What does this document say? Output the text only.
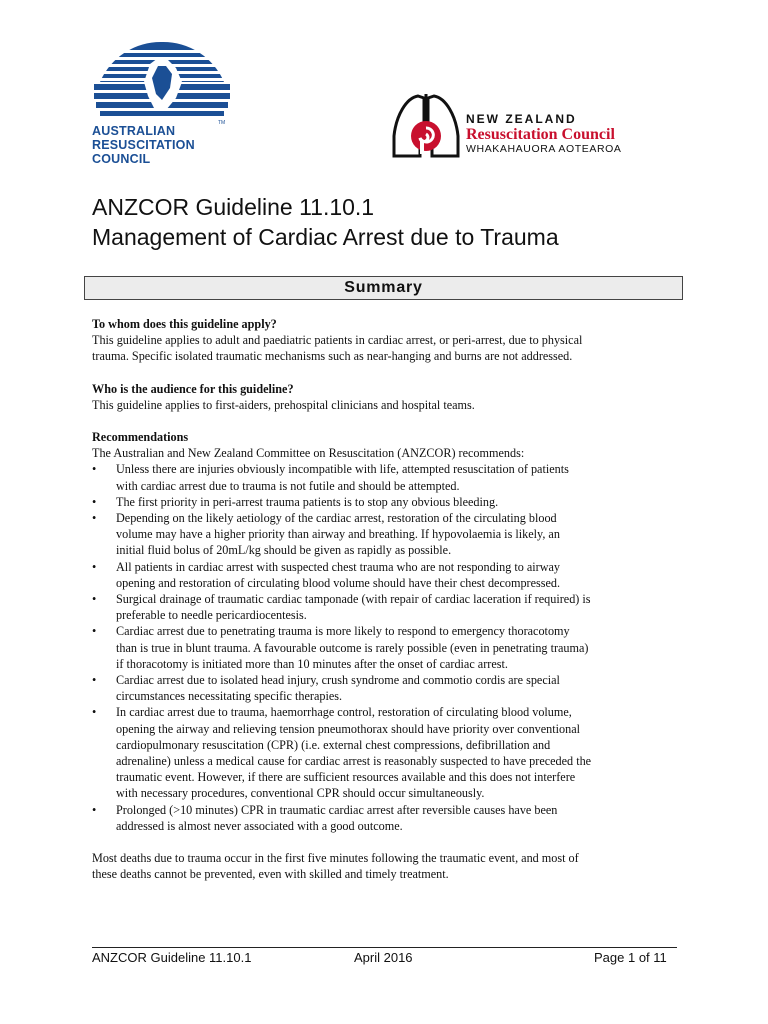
TM
AUSTRALIAN
RESUSCITATION
COUNCIL
NEW ZEALAND
Resuscitation Council
WHAKAHAUORA AOTEAROA
ANZCOR Guideline 11.10.1
Management of Cardiac Arrest due to Trauma
Summary

To whom does this guideline apply?

This guideline applies to adult and paediatric patients in cardiac arrest, or peri-arrest, due to physical

trauma. Specific isolated traumatic mechanisms such as near-hanging and burns are not addressed.

Who is the audience for this guideline?

This guideline applies to first-aiders, prehospital clinicians and hospital teams.

Recommendations

The Australian and New Zealand Committee on Resuscitation (ANZCOR) recommends:

•	Unless there are injuries obviously incompatible with life, attempted resuscitation of patients

with cardiac arrest due to trauma is not futile and should be attempted.

•	The first priority in peri-arrest trauma patients is to stop any obvious bleeding.

•	Depending on the likely aetiology of the cardiac arrest, restoration of the circulating blood

volume may have a higher priority than airway and breathing. If hypovolaemia is likely, an

initial fluid bolus of 20mL/kg should be given as rapidly as possible.

•	All patients in cardiac arrest with suspected chest trauma who are not responding to airway

opening and restoration of circulating blood volume should have their chest decompressed.

•	Surgical drainage of traumatic cardiac tamponade (with repair of cardiac laceration if required) is

preferable to needle pericardiocentesis.

•	Cardiac arrest due to penetrating trauma is more likely to respond to emergency thoracotomy

than is true in blunt trauma. A favourable outcome is rarely possible (even in penetrating trauma)

if thoracotomy is initiated more than 10 minutes after the onset of cardiac arrest.

•	Cardiac arrest due to isolated head injury, crush syndrome and commotio cordis are special

circumstances necessitating specific therapies.

•	In cardiac arrest due to trauma, haemorrhage control, restoration of circulating blood volume,

opening the airway and relieving tension pneumothorax should have priority over conventional

cardiopulmonary resuscitation (CPR) (i.e. external chest compressions, defibrillation and

adrenaline) unless a medical cause for cardiac arrest is reasonably suspected to have preceded the

traumatic event. However, if there are sufficient resources available and this does not interfere

with necessary procedures, conventional CPR should occur simultaneously.

•	Prolonged (>10 minutes) CPR in traumatic cardiac arrest after reversible causes have been

addressed is almost never associated with a good outcome.

Most deaths due to trauma occur in the first five minutes following the traumatic event, and most of

these deaths cannot be prevented, even with skilled and timely treatment.

ANZCOR Guideline 11.10.1	April 2016	Page 1 of 11
